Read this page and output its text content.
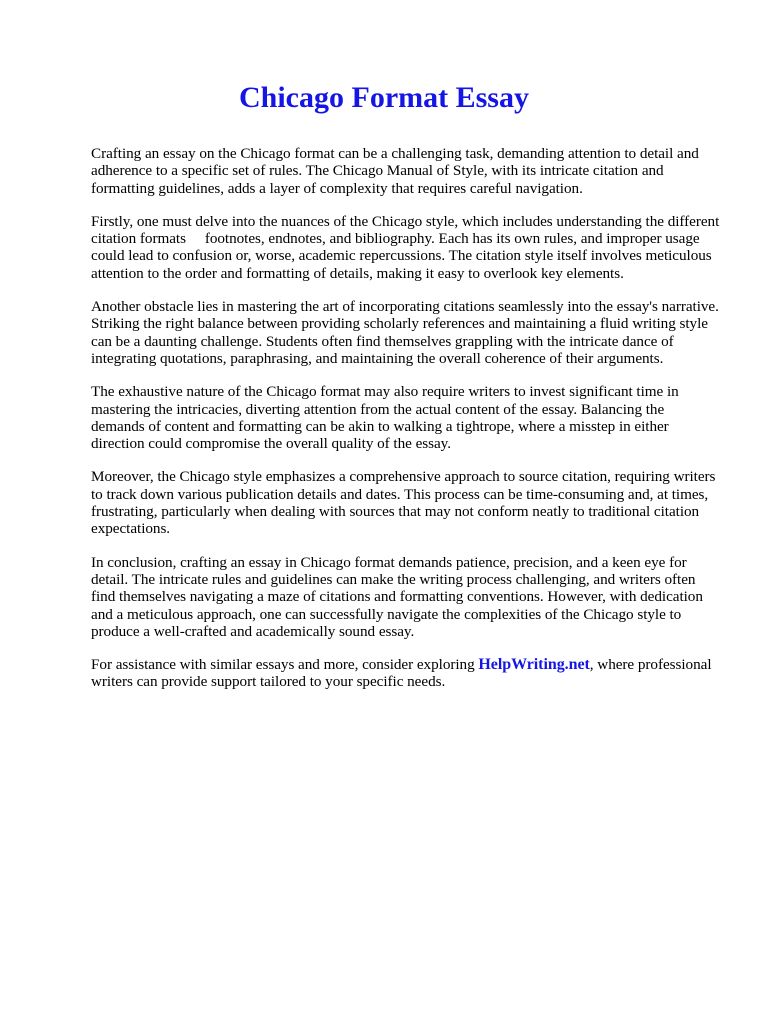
Chicago Format Essay

Crafting an essay on the Chicago format can be a challenging task, demanding attention to detail and adherence to a specific set of rules. The Chicago Manual of Style, with its intricate citation and formatting guidelines, adds a layer of complexity that requires careful navigation.

Firstly, one must delve into the nuances of the Chicago style, which includes understanding the different citation formats  footnotes, endnotes, and bibliography. Each has its own rules, and improper usage could lead to confusion or, worse, academic repercussions. The citation style itself involves meticulous attention to the order and formatting of details, making it easy to overlook key elements.

Another obstacle lies in mastering the art of incorporating citations seamlessly into the essay's narrative. Striking the right balance between providing scholarly references and maintaining a fluid writing style can be a daunting challenge. Students often find themselves grappling with the intricate dance of integrating quotations, paraphrasing, and maintaining the overall coherence of their arguments.

The exhaustive nature of the Chicago format may also require writers to invest significant time in mastering the intricacies, diverting attention from the actual content of the essay. Balancing the demands of content and formatting can be akin to walking a tightrope, where a misstep in either direction could compromise the overall quality of the essay.

Moreover, the Chicago style emphasizes a comprehensive approach to source citation, requiring writers to track down various publication details and dates. This process can be time-consuming and, at times, frustrating, particularly when dealing with sources that may not conform neatly to traditional citation expectations.

In conclusion, crafting an essay in Chicago format demands patience, precision, and a keen eye for detail. The intricate rules and guidelines can make the writing process challenging, and writers often find themselves navigating a maze of citations and formatting conventions. However, with dedication and a meticulous approach, one can successfully navigate the complexities of the Chicago style to produce a well-crafted and academically sound essay.

For assistance with similar essays and more, consider exploring HelpWriting.net, where professional writers can provide support tailored to your specific needs.
